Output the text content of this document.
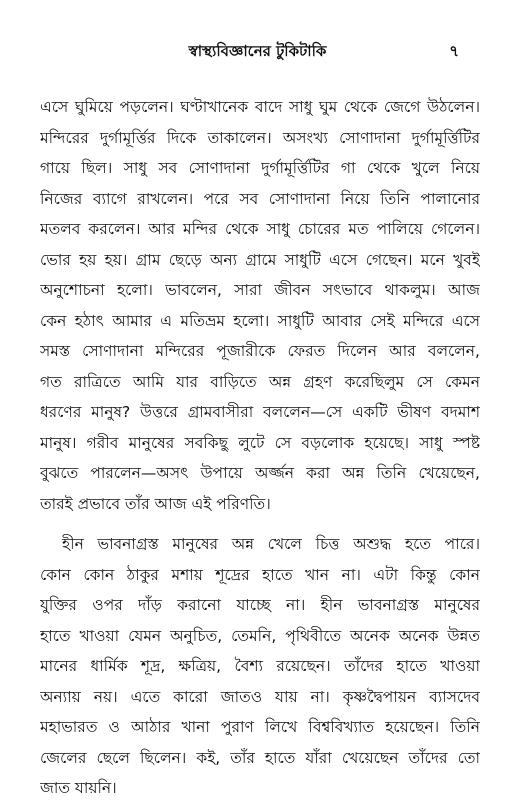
স্বাস্থ্যবিজ্ঞানের টুকিটাকি	৭
এসে ঘুমিয়ে পড়লেন। ঘণ্টাখানেক বাদে সাধু ঘুম থেকে জেগে উঠলেন।
মন্দিরের দুর্গামূর্ত্তির দিকে তাকালেন। অসংখ্য সোণাদানা দুর্গামূর্ত্তিটির
গায়ে ছিল। সাধু সব সোণাদানা দুর্গামূর্ত্তিটির গা থেকে খুলে নিয়ে
নিজের ব্যাগে রাখলেন। পরে সব সোণাদানা নিয়ে তিনি পালানোর
মতলব করলেন। আর মন্দির থেকে সাধু চোরের মত পালিয়ে গেলেন।
ভোর হয় হয়। গ্রাম ছেড়ে অন্য গ্রামে সাধুটি এসে গেছেন। মনে খুবই
অনুশোচনা হলো। ভাবলেন, সারা জীবন সৎভাবে থাকলুম। আজ
কেন হঠাৎ আমার এ মতিভ্রম হলো। সাধুটি আবার সেই মন্দিরে এসে
সমস্ত সোণাদানা মন্দিরের পূজারীকে ফেরত দিলেন আর বললেন,
গত রাত্রিতে আমি যার বাড়িতে অন্ন গ্রহণ করেছিলুম সে কেমন
ধরণের মানুষ? উত্তরে গ্রামবাসীরা বললেন—সে একটি ভীষণ বদমাশ
মানুষ। গরীব মানুষের সবকিছু লুটে সে বড়লোক হয়েছে। সাধু স্পষ্ট
বুঝতে পারলেন—অসৎ উপায়ে অর্জ্জন করা অন্ন তিনি খেয়েছেন,
তারই প্রভাবে তাঁর আজ এই পরিণতি।
হীন ভাবনাগ্রস্ত মানুষের অন্ন খেলে চিত্ত অশুদ্ধ হতে পারে।
কোন কোন ঠাকুর মশায় শূদ্রের হাতে খান না। এটা কিন্তু কোন
যুক্তির ওপর দাঁড় করানো যাচ্ছে না। হীন ভাবনাগ্রস্ত মানুষের
হাতে খাওয়া যেমন অনুচিত, তেমনি, পৃথিবীতে অনেক অনেক উন্নত
মানের ধার্মিক শূদ্র, ক্ষত্রিয়, বৈশ্য রয়েছেন। তাঁদের হাতে খাওয়া
অন্যায় নয়। এতে কারো জাতও যায় না। কৃষ্ণদ্বৈপায়ন ব্যাসদেব
মহাভারত ও আঠার খানা পুরাণ লিখে বিশ্ববিখ্যাত হয়েছেন। তিনি
জেলের ছেলে ছিলেন। কই, তাঁর হাতে যাঁরা খেয়েছেন তাঁদের তো
জাত যায়নি।
